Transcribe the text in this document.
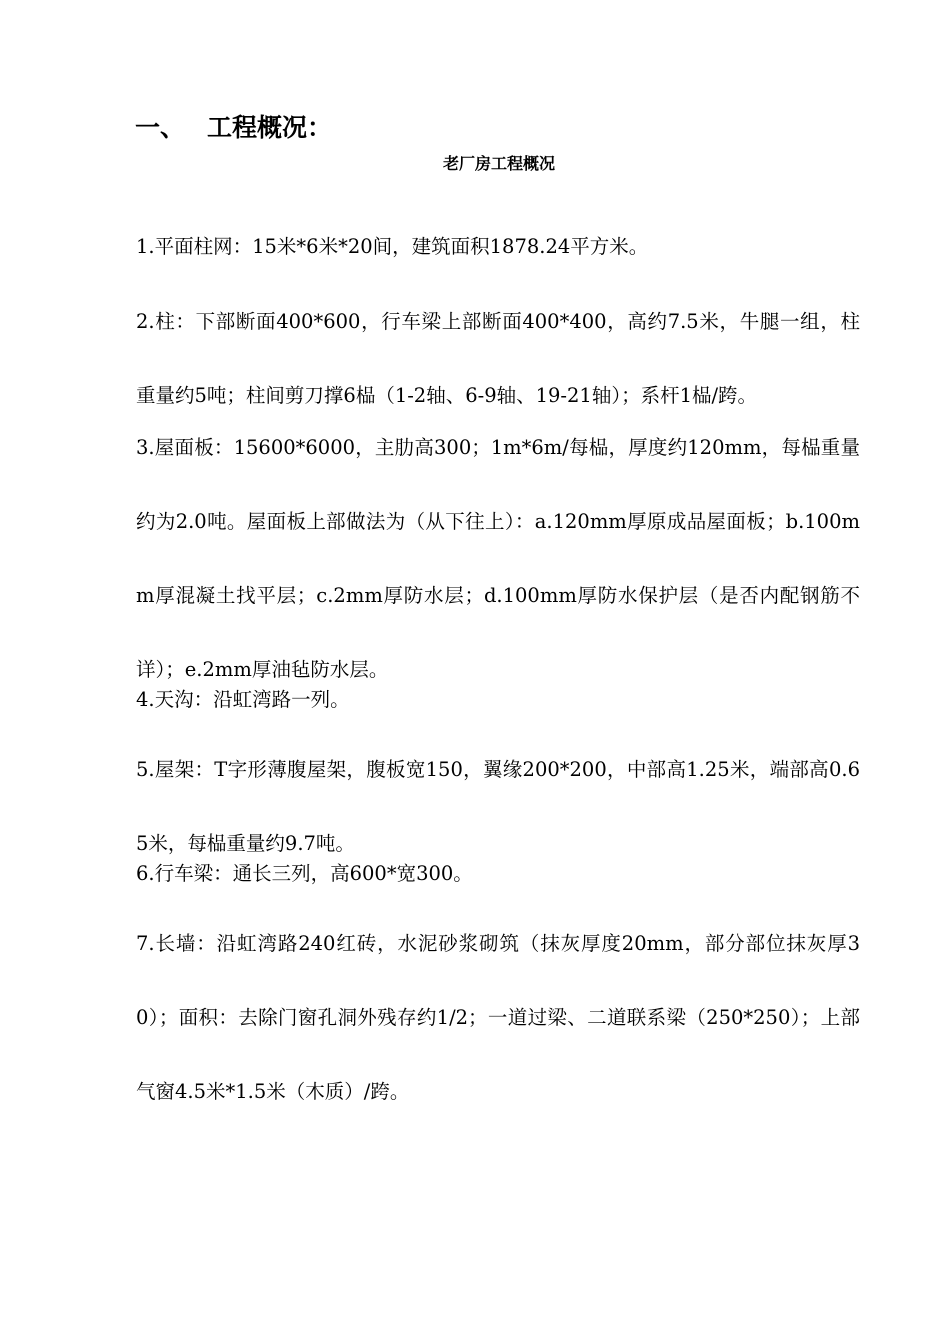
一、 工程概况：
老厂房工程概况

1.平面柱网：15米*6米*20间，建筑面积1878.24平方米。

2.柱：下部断面400*600，行车梁上部断面400*400，高约7.5米，牛腿一组，柱重量约5吨；柱间剪刀撑6榀（1-2轴、6-9轴、19-21轴）；系杆1榀/跨。

3.屋面板：15600*6000，主肋高300；1m*6m/每榀，厚度约120mm，每榀重量约为2.0吨。屋面板上部做法为（从下往上）：a.120mm厚原成品屋面板；b.100mm厚混凝土找平层；c.2mm厚防水层；d.100mm厚防水保护层（是否内配钢筋不详）；e.2mm厚油毡防水层。

4.天沟：沿虹湾路一列。

5.屋架：T字形薄腹屋架，腹板宽150，翼缘200*200，中部高1.25米，端部高0.65米，每榀重量约9.7吨。

6.行车梁：通长三列，高600*宽300。

7.长墙：沿虹湾路240红砖，水泥砂浆砌筑（抹灰厚度20mm，部分部位抹灰厚30）；面积：去除门窗孔洞外残存约1/2；一道过梁、二道联系梁（250*250）；上部气窗4.5米*1.5米（木质）/跨。
